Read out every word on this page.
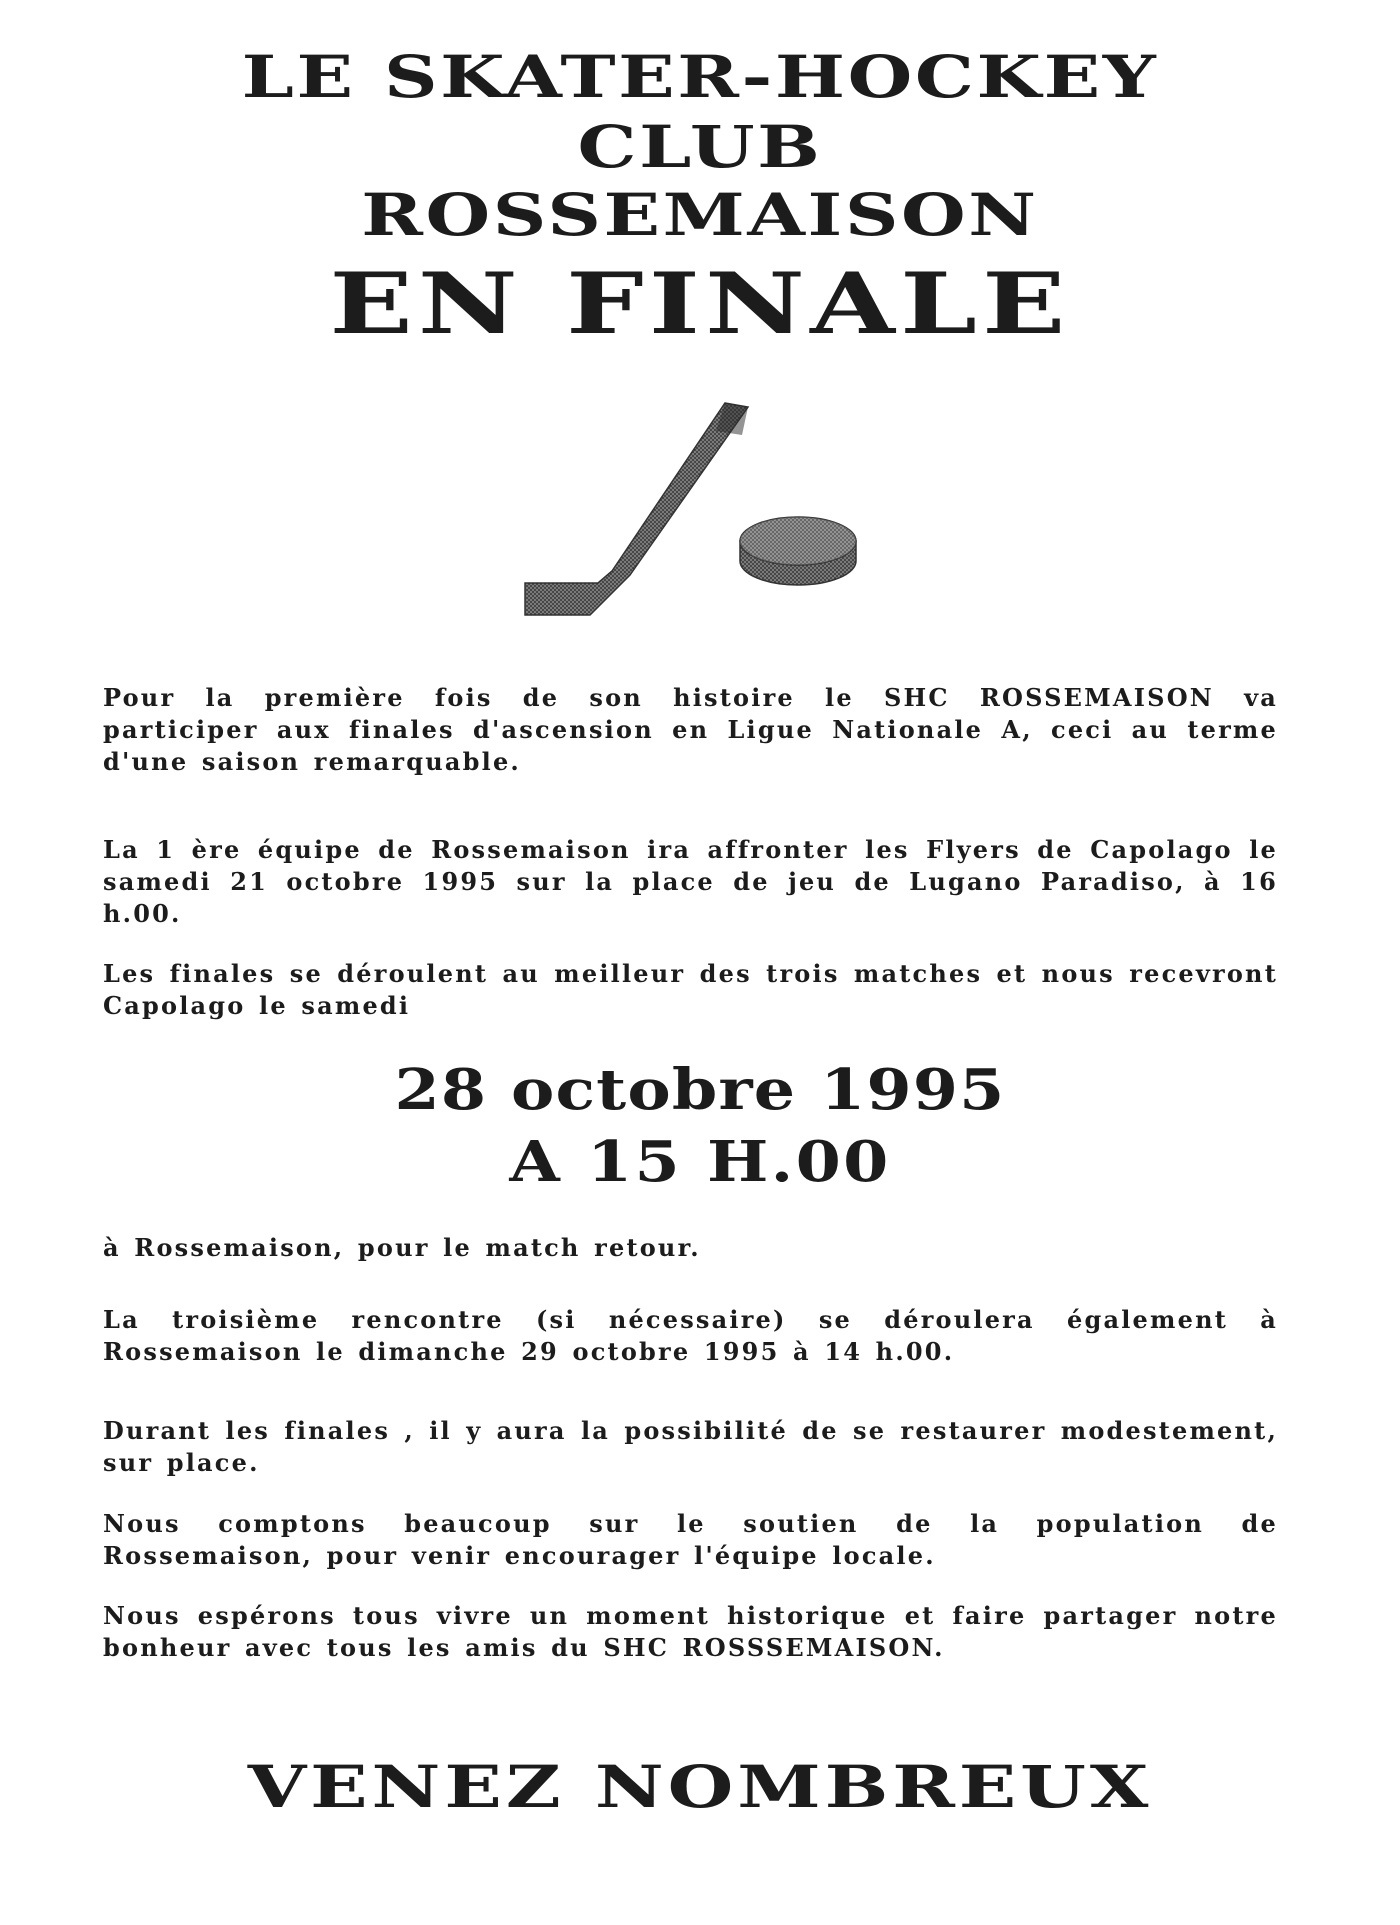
LE SKATER-HOCKEY
CLUB
ROSSEMAISON
EN FINALE

Pour la première fois de son histoire le SHC ROSSEMAISON va participer aux finales d'ascension en Ligue Nationale A, ceci au terme d'une saison remarquable.

La 1 ère équipe de Rossemaison ira affronter les Flyers de Capolago le samedi 21 octobre 1995 sur la place de jeu de Lugano Paradiso, à 16 h.00.

Les finales se déroulent au meilleur des trois matches et nous recevront Capolago le samedi

28 octobre 1995
A 15 H.00

à Rossemaison, pour le match retour.

La troisième rencontre (si nécessaire) se déroulera également à Rossemaison le dimanche 29 octobre 1995 à 14 h.00.

Durant les finales , il y aura la possibilité de se restaurer modestement, sur place.

Nous comptons beaucoup sur le soutien de la population de Rossemaison, pour venir encourager l'équipe locale.

Nous espérons tous vivre un moment historique et faire partager notre bonheur avec tous les amis du SHC ROSSSEMAISON.

VENEZ NOMBREUX
